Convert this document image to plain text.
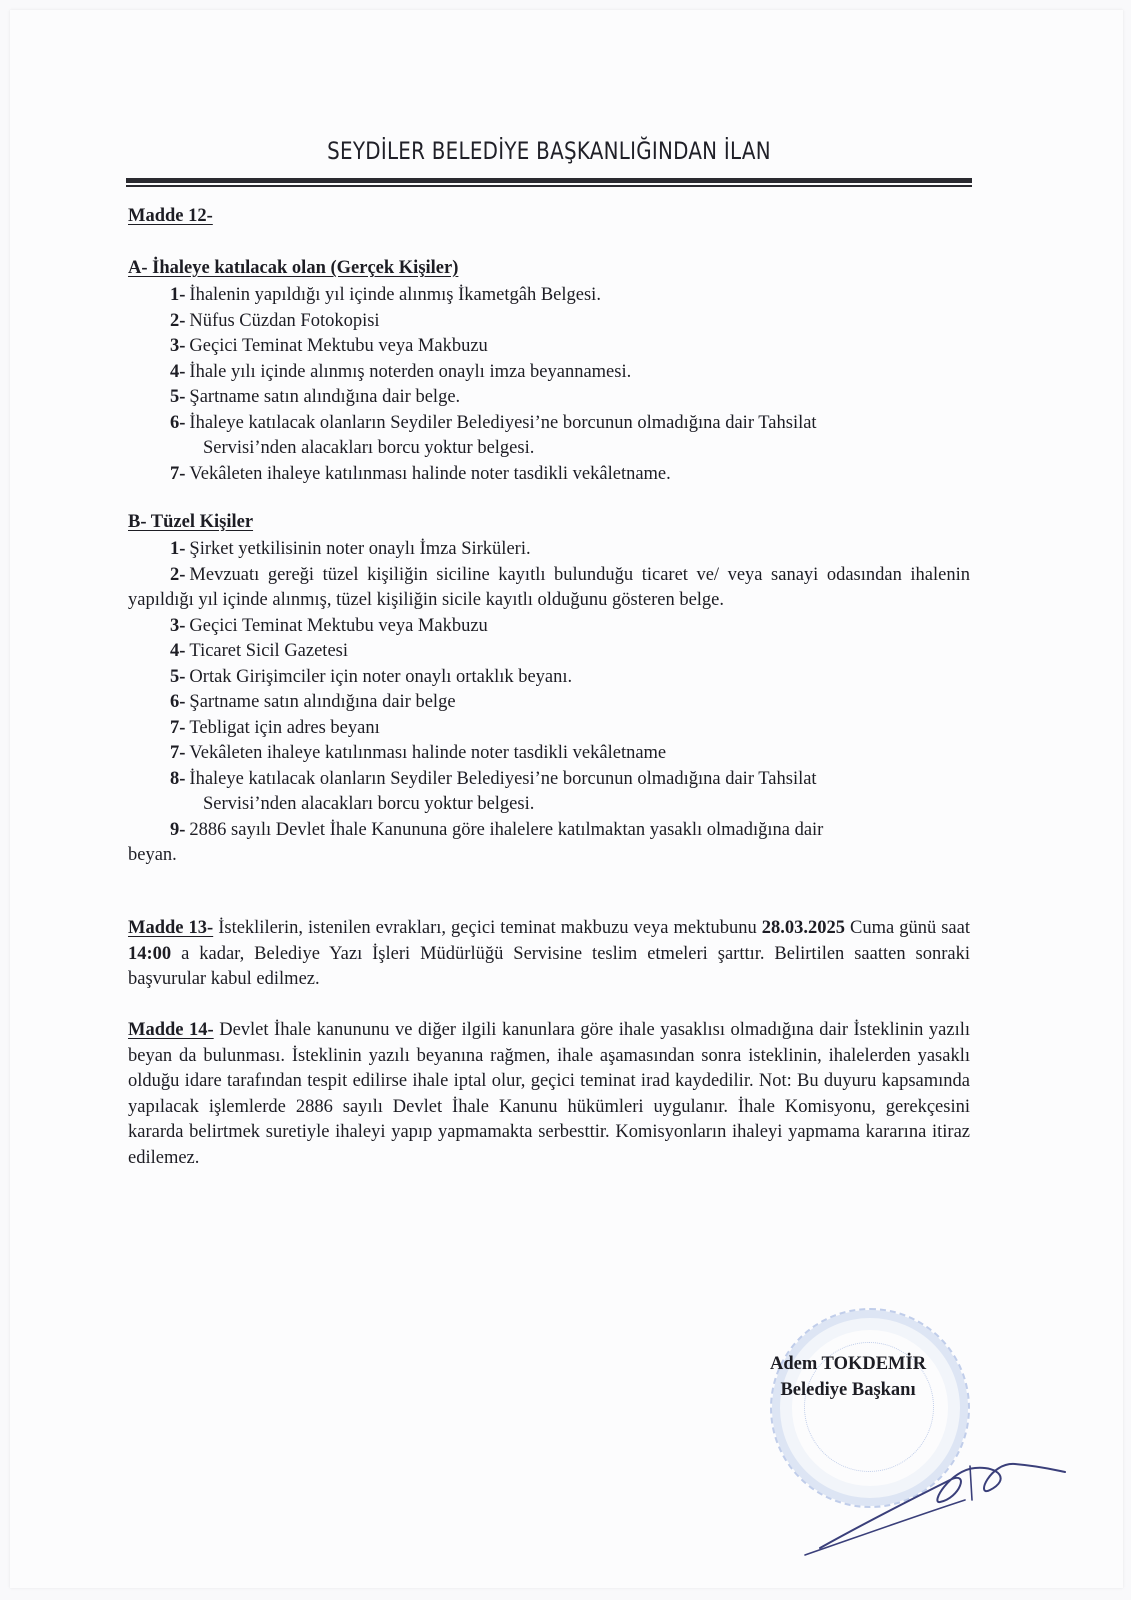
SEYDİLER BELEDİYE BAŞKANLIĞINDAN İLAN
Madde 12-
A- İhaleye katılacak olan (Gerçek Kişiler)
1- İhalenin yapıldığı yıl içinde alınmış İkametgâh Belgesi.
2- Nüfus Cüzdan Fotokopisi
3- Geçici Teminat Mektubu veya Makbuzu
4- İhale yılı içinde alınmış noterden onaylı imza beyannamesi.
5- Şartname satın alındığına dair belge.
6- İhaleye katılacak olanların Seydiler Belediyesi’ne borcunun olmadığına dair Tahsilat
Servisi’nden alacakları borcu yoktur belgesi.
7- Vekâleten ihaleye katılınması halinde noter tasdikli vekâletname.
B- Tüzel Kişiler
1- Şirket yetkilisinin noter onaylı İmza Sirküleri.
2- Mevzuatı gereği tüzel kişiliğin siciline kayıtlı bulunduğu ticaret ve/ veya sanayi odasından ihalenin yapıldığı yıl içinde alınmış, tüzel kişiliğin sicile kayıtlı olduğunu gösteren belge.
3- Geçici Teminat Mektubu veya Makbuzu
4- Ticaret Sicil Gazetesi
5- Ortak Girişimciler için noter onaylı ortaklık beyanı.
6- Şartname satın alındığına dair belge
7- Tebligat için adres beyanı
7- Vekâleten ihaleye katılınması halinde noter tasdikli vekâletname
8- İhaleye katılacak olanların Seydiler Belediyesi’ne borcunun olmadığına dair Tahsilat
Servisi’nden alacakları borcu yoktur belgesi.
9- 2886 sayılı Devlet İhale Kanununa göre ihalelere katılmaktan yasaklı olmadığına dair
beyan.
Madde 13- İsteklilerin, istenilen evrakları, geçici teminat makbuzu veya mektubunu 28.03.2025 Cuma günü saat 14:00 a kadar, Belediye Yazı İşleri Müdürlüğü Servisine teslim etmeleri şarttır. Belirtilen saatten sonraki başvurular kabul edilmez.
Madde 14- Devlet İhale kanununu ve diğer ilgili kanunlara göre ihale yasaklısı olmadığına dair İsteklinin yazılı beyan da bulunması. İsteklinin yazılı beyanına rağmen, ihale aşamasından sonra isteklinin, ihalelerden yasaklı olduğu idare tarafından tespit edilirse ihale iptal olur, geçici teminat irad kaydedilir. Not: Bu duyuru kapsamında yapılacak işlemlerde 2886 sayılı Devlet İhale Kanunu hükümleri uygulanır. İhale Komisyonu, gerekçesini kararda belirtmek suretiyle ihaleyi yapıp yapmamakta serbesttir. Komisyonların ihaleyi yapmama kararına itiraz edilemez.
Adem TOKDEMİR
Belediye Başkanı
